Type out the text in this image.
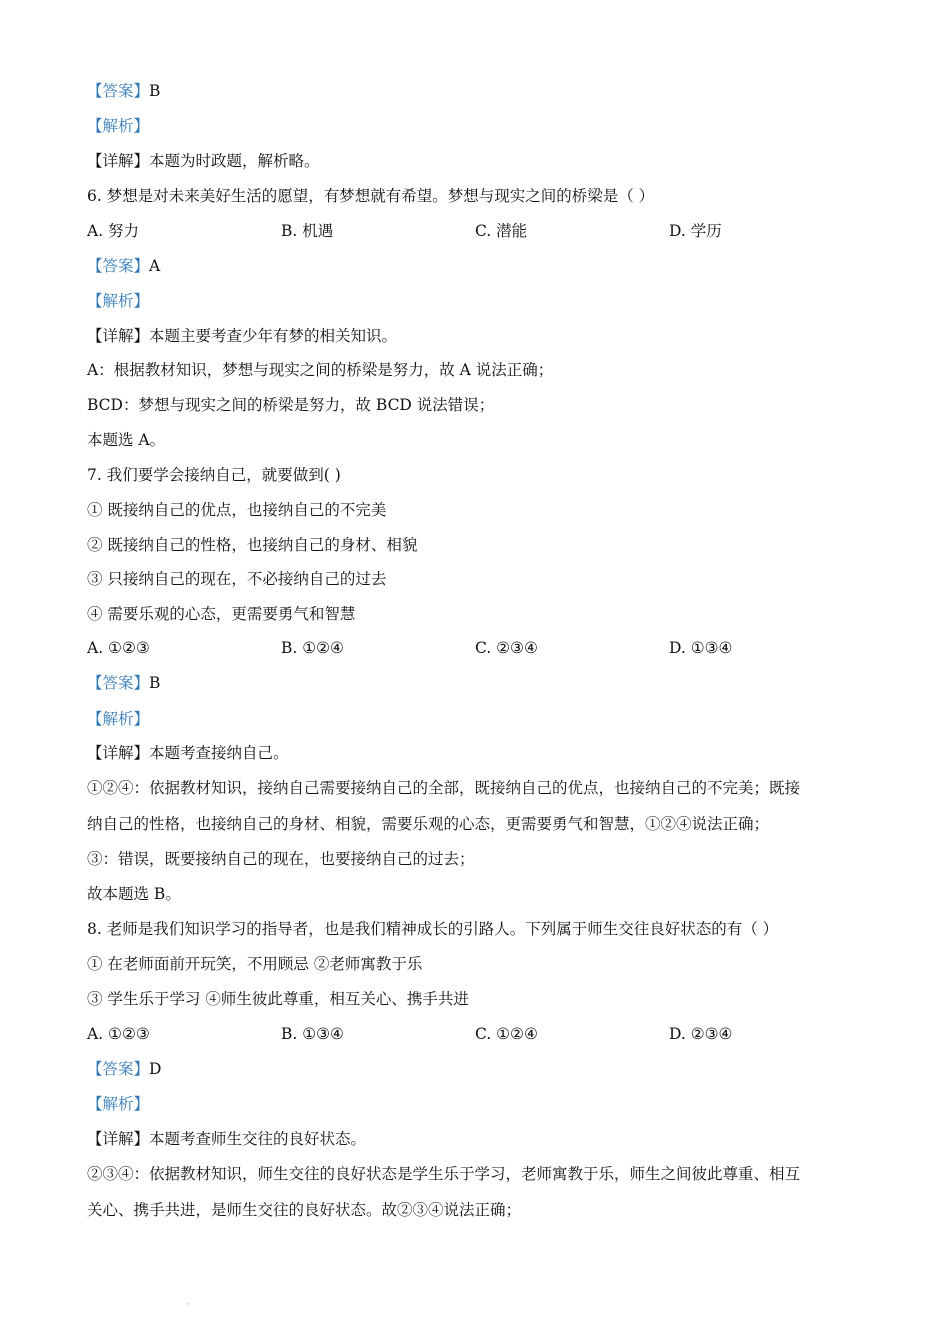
【答案】B
【解析】
【详解】本题为时政题，解析略。
6. 梦想是对未来美好生活的愿望，有梦想就有希望。梦想与现实之间的桥梁是（ ）
A. 努力	B. 机遇	C. 潜能	D. 学历
【答案】A
【解析】
【详解】本题主要考查少年有梦的相关知识。
A：根据教材知识，梦想与现实之间的桥梁是努力，故 A 说法正确；
BCD：梦想与现实之间的桥梁是努力，故 BCD 说法错误；
本题选 A。
7. 我们要学会接纳自己，就要做到( )
① 既接纳自己的优点，也接纳自己的不完美
② 既接纳自己的性格，也接纳自己的身材、相貌
③ 只接纳自己的现在，不必接纳自己的过去
④ 需要乐观的心态，更需要勇气和智慧
A. ①②③	B. ①②④	C. ②③④	D. ①③④
【答案】B
【解析】
【详解】本题考查接纳自己。
①②④：依据教材知识，接纳自己需要接纳自己的全部，既接纳自己的优点，也接纳自己的不完美；既接
纳自己的性格，也接纳自己的身材、相貌，需要乐观的心态，更需要勇气和智慧，①②④说法正确；
③：错误，既要接纳自己的现在，也要接纳自己的过去；
故本题选 B。
8. 老师是我们知识学习的指导者，也是我们精神成长的引路人。下列属于师生交往良好状态的有（ ）
① 在老师面前开玩笑，不用顾忌 ②老师寓教于乐
③ 学生乐于学习 ④师生彼此尊重，相互关心、携手共进
A. ①②③	B. ①③④	C. ①②④	D. ②③④
【答案】D
【解析】
【详解】本题考查师生交往的良好状态。
②③④：依据教材知识，师生交往的良好状态是学生乐于学习，老师寓教于乐，师生之间彼此尊重、相互
关心、携手共进，是师生交往的良好状态。故②③④说法正确；
